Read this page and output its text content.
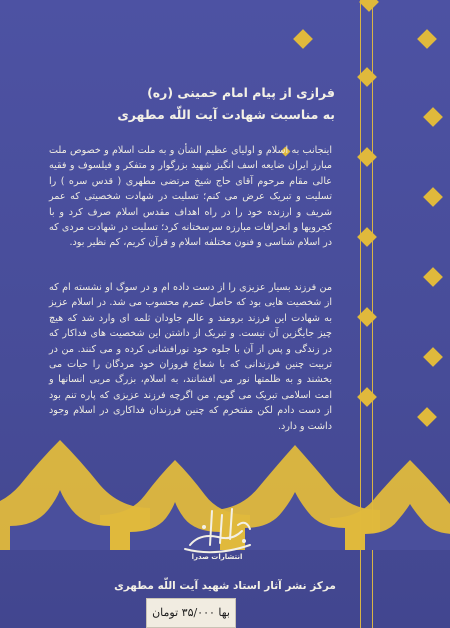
فرازی از پیام امام خمینی (ره)
به مناسبت شهادت آیت اللّه مطهری
اینجانب به اسلام و اولیای عظیم الشأن و به ملت اسلام و خصوص ملت مبارز ایران ضایعه اسف انگیز شهید بزرگوار و متفکر و فیلسوف و فقیه عالی مقام مرحوم آقای حاج شیخ مرتضی مطهری ( قدس سره ) را تسلیت و تبریک عرض می کنم؛ تسلیت در شهادت شخصیتی که عمر شریف و ارزنده خود را در راه اهداف مقدس اسلام صرف کرد و با کجرویها و انحرافات مبارزه سرسختانه کرد؛ تسلیت در شهادت مردی که در اسلام شناسی و فنون مختلفه اسلام و قرآن کریم، کم نظیر بود.
من فرزند بسیار عزیزی را از دست داده ام و در سوگ او نشسته ام که از شخصیت هایی بود که حاصل عمرم محسوب می شد. در اسلام عزیز به شهادت این فرزند برومند و عالم جاودان ثلمه ای وارد شد که هیچ چیز جایگزین آن نیست. و تبریک از داشتن این شخصیت های فداکار که در زندگی و پس از آن با جلوه خود نورافشانی کرده و می کنند. من در تربیت چنین فرزندانی که با شعاع فروزان خود مردگان را حیات می بخشند و به ظلمتها نور می افشانند، به اسلام، بزرگ مربی انسانها و امت اسلامی تبریک می گویم. من اگرچه فرزند عزیزی که پاره تنم بود از دست دادم لکن مفتخرم که چنین فرزندان فداکاری در اسلام وجود داشت و دارد.
انتشارات صدرا
مرکز نشر آثار استاد شهید آیت اللّه مطهری
بها ۳۵/۰۰۰ تومان
